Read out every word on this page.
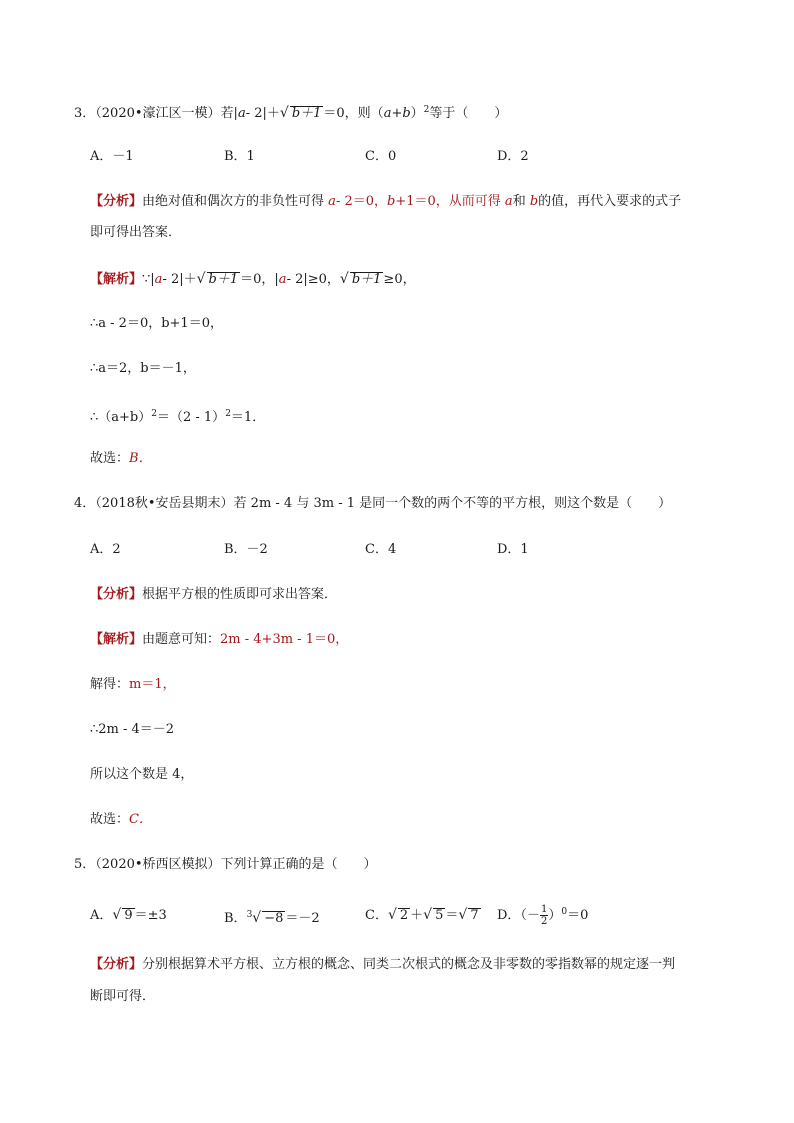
3．（2020•濠江区一模）若|a- 2|＋√ b＋1 ＝0，则$(a+b)^2$等于（　　）
A．－1	B．1	C．0	D．2
【分析】由绝对值和偶次方的非负性可得 a- 2＝0，b+1＝0，从而可得 a和 b的值，再代入要求的式子
即可得出答案．
【解析】∵|a- 2|＋√ b＋1 ＝0，|a- 2|≥0，√ b＋1 ≥0，
∴a - 2＝0，b+1＝0，
∴a＝2，b＝－1，
$\therefore(a+b)^2=(2 - 1)^2=1$．
故选：B．
4．（2018秋•安岳县期末）若 2m - 4 与 3m - 1 是同一个数的两个不等的平方根，则这个数是（　　）
A．2	B．－2	C．4	D．1
【分析】根据平方根的性质即可求出答案．
【解析】由题意可知：2m - 4+3m - 1＝0，
解得：m＝1，
∴2m - 4＝－2
所以这个数是 4，
故选：C．
5．（2020•桥西区模拟）下列计算正确的是（　　）
A．√ 9 ＝±3	B．$^3$√ −8 ＝－2	C．√ 2 ＋√ 5 ＝√ 7 D．（－ $\frac{1}{2} )^0=0$
【分析】分别根据算术平方根、立方根的概念、同类二次根式的概念及非零数的零指数幂的规定逐一判
断即可得．
